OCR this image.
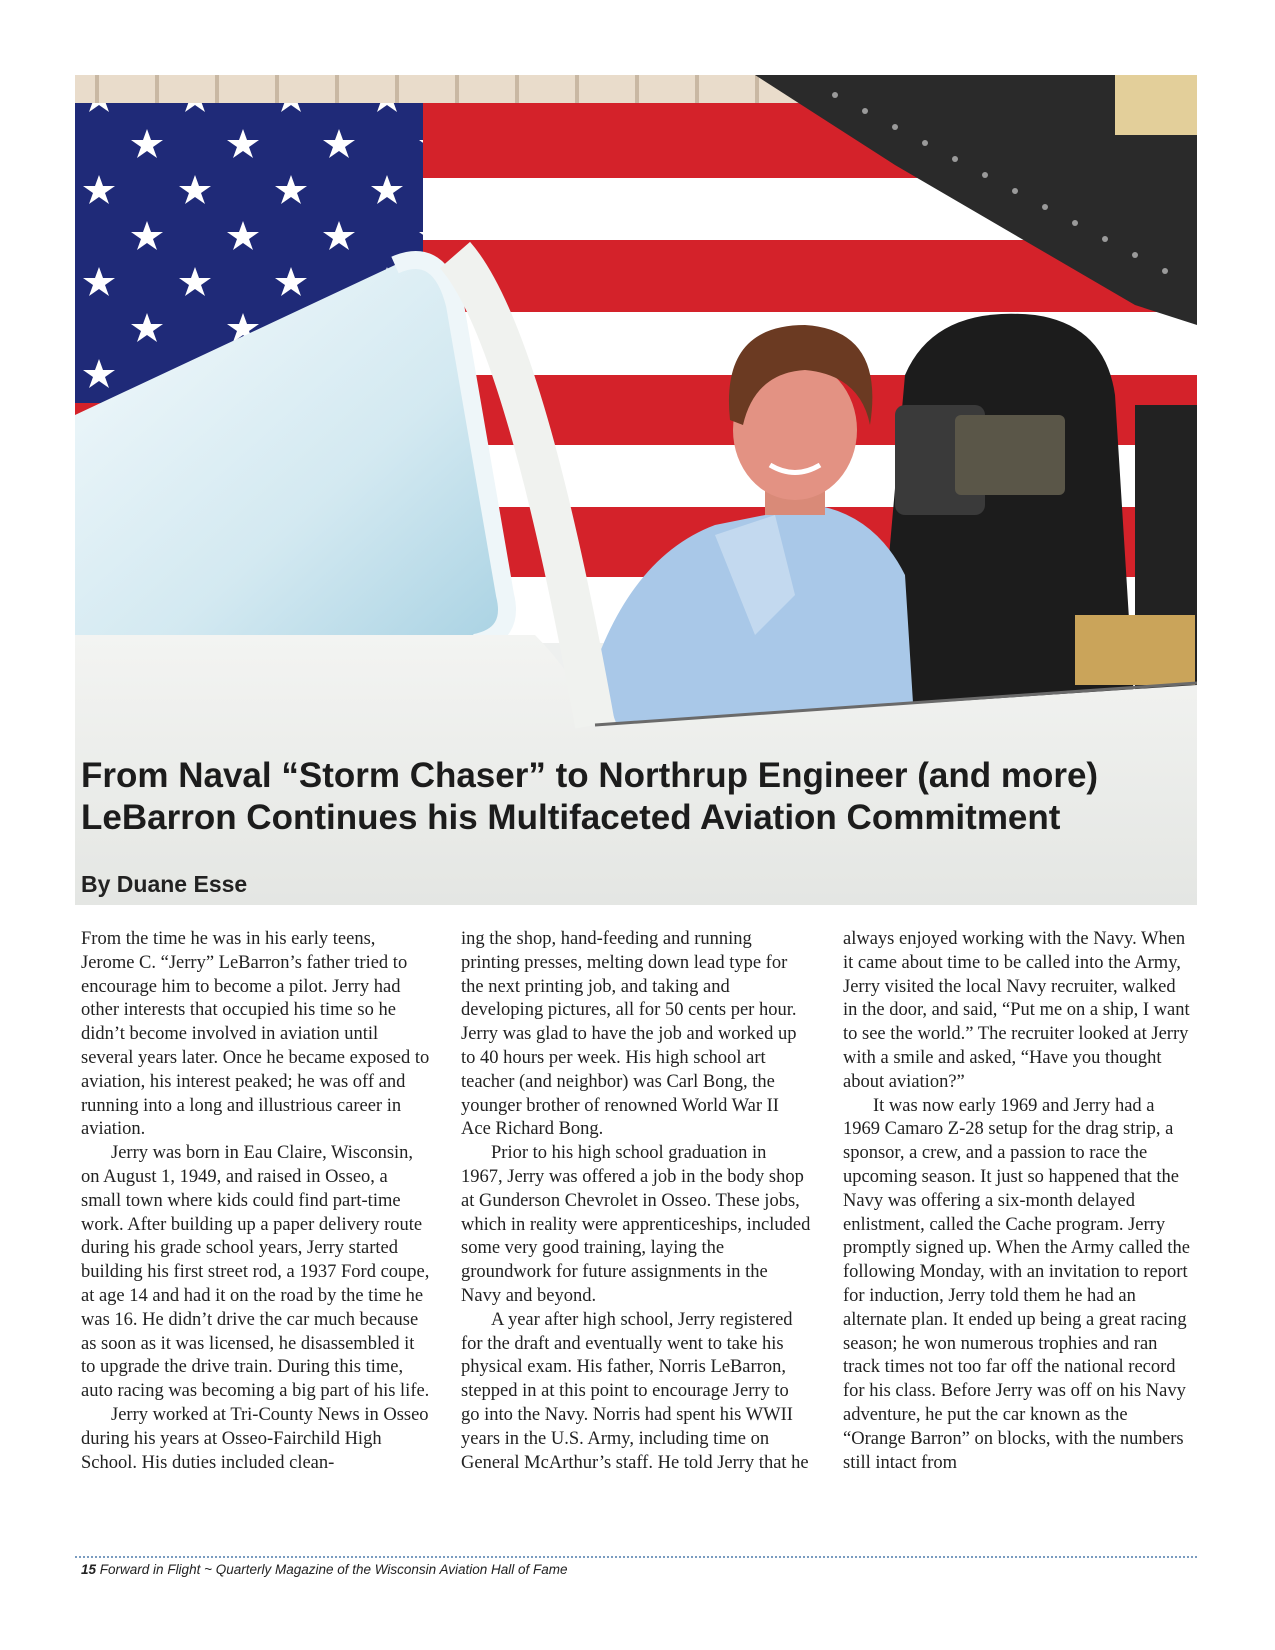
From Naval “Storm Chaser” to Northrup Engineer (and more)
LeBarron Continues his Multifaceted Aviation Commitment
By Duane Esse

From the time he was in his early teens, Jerome C. “Jerry” LeBarron’s father tried to encourage him to become a pilot. Jerry had other interests that occupied his time so he didn’t become involved in aviation until several years later. Once he became exposed to aviation, his interest peaked; he was off and running into a long and illustrious career in aviation.

Jerry was born in Eau Claire, Wisconsin, on August 1, 1949, and raised in Osseo, a small town where kids could find part-time work. After building up a paper delivery route during his grade school years, Jerry started building his first street rod, a 1937 Ford coupe, at age 14 and had it on the road by the time he was 16. He didn’t drive the car much because as soon as it was licensed, he disassembled it to upgrade the drive train. During this time, auto racing was becoming a big part of his life.

Jerry worked at Tri-County News in Osseo during his years at Osseo-Fairchild High School. His duties included clean-

ing the shop, hand-feeding and running printing presses, melting down lead type for the next printing job, and taking and developing pictures, all for 50 cents per hour. Jerry was glad to have the job and worked up to 40 hours per week. His high school art teacher (and neighbor) was Carl Bong, the younger brother of renowned World War II Ace Richard Bong.

Prior to his high school graduation in 1967, Jerry was offered a job in the body shop at Gunderson Chevrolet in Osseo. These jobs, which in reality were apprenticeships, included some very good training, laying the groundwork for future assignments in the Navy and beyond.

A year after high school, Jerry registered for the draft and eventually went to take his physical exam. His father, Norris LeBarron, stepped in at this point to encourage Jerry to go into the Navy. Norris had spent his WWII years in the U.S. Army, including time on General McArthur’s staff. He told Jerry that he

always enjoyed working with the Navy. When it came about time to be called into the Army, Jerry visited the local Navy recruiter, walked in the door, and said, “Put me on a ship, I want to see the world.” The recruiter looked at Jerry with a smile and asked, “Have you thought about aviation?”

It was now early 1969 and Jerry had a 1969 Camaro Z-28 setup for the drag strip, a sponsor, a crew, and a passion to race the upcoming season. It just so happened that the Navy was offering a six-month delayed enlistment, called the Cache program. Jerry promptly signed up. When the Army called the following Monday, with an invitation to report for induction, Jerry told them he had an alternate plan. It ended up being a great racing season; he won numerous trophies and ran track times not too far off the national record for his class. Before Jerry was off on his Navy adventure, he put the car known as the “Orange Barron” on blocks, with the numbers still intact from

15 Forward in Flight ~ Quarterly Magazine of the Wisconsin Aviation Hall of Fame
